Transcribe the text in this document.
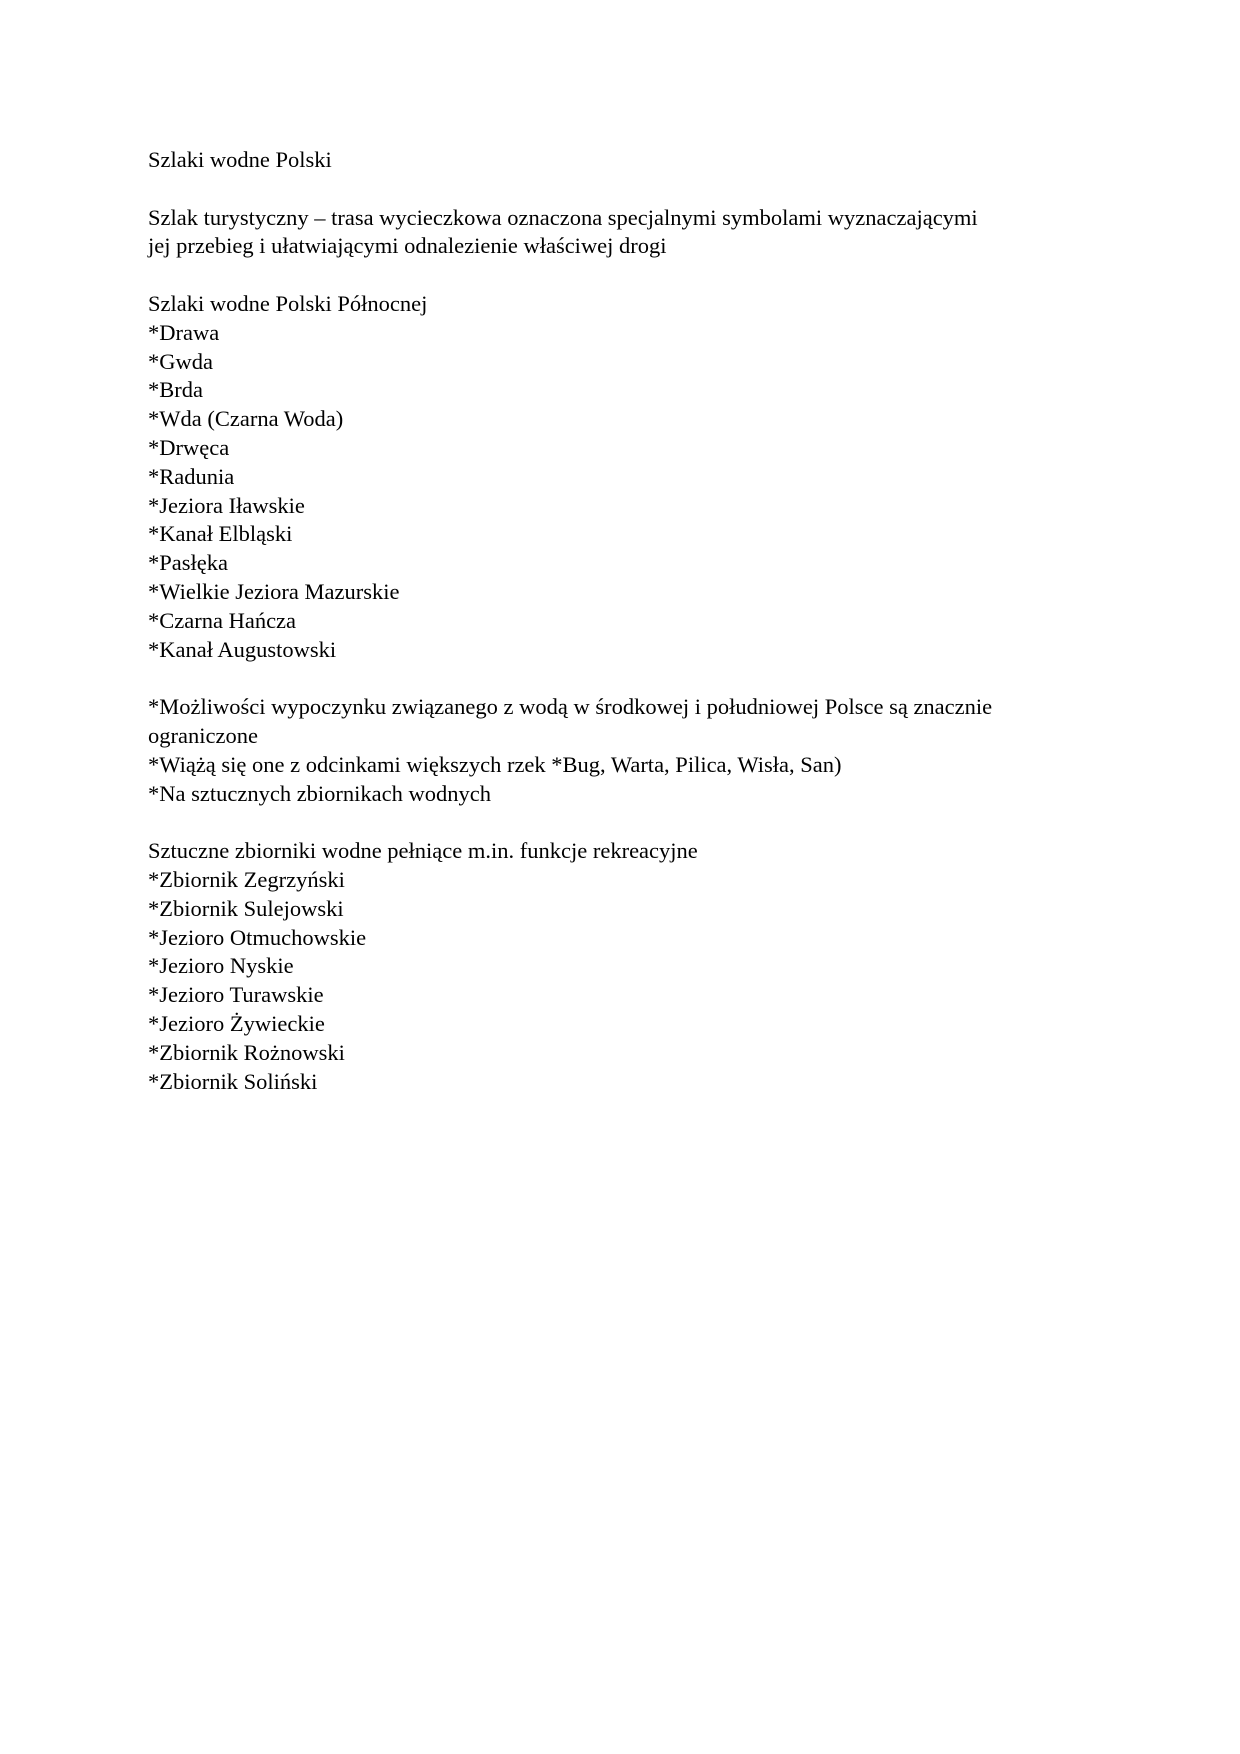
Szlaki wodne Polski
Szlak turystyczny – trasa wycieczkowa oznaczona specjalnymi symbolami wyznaczającymi
jej przebieg i ułatwiającymi odnalezienie właściwej drogi
Szlaki wodne Polski Północnej
*Drawa
*Gwda
*Brda
*Wda (Czarna Woda)
*Drwęca
*Radunia
*Jeziora Iławskie
*Kanał Elbląski
*Pasłęka
*Wielkie Jeziora Mazurskie
*Czarna Hańcza
*Kanał Augustowski
*Możliwości wypoczynku związanego z wodą w środkowej i południowej Polsce są znacznie
ograniczone
*Wiążą się one z odcinkami większych rzek *Bug, Warta, Pilica, Wisła, San)
*Na sztucznych zbiornikach wodnych
Sztuczne zbiorniki wodne pełniące m.in. funkcje rekreacyjne
*Zbiornik Zegrzyński
*Zbiornik Sulejowski
*Jezioro Otmuchowskie
*Jezioro Nyskie
*Jezioro Turawskie
*Jezioro Żywieckie
*Zbiornik Rożnowski
*Zbiornik Soliński
